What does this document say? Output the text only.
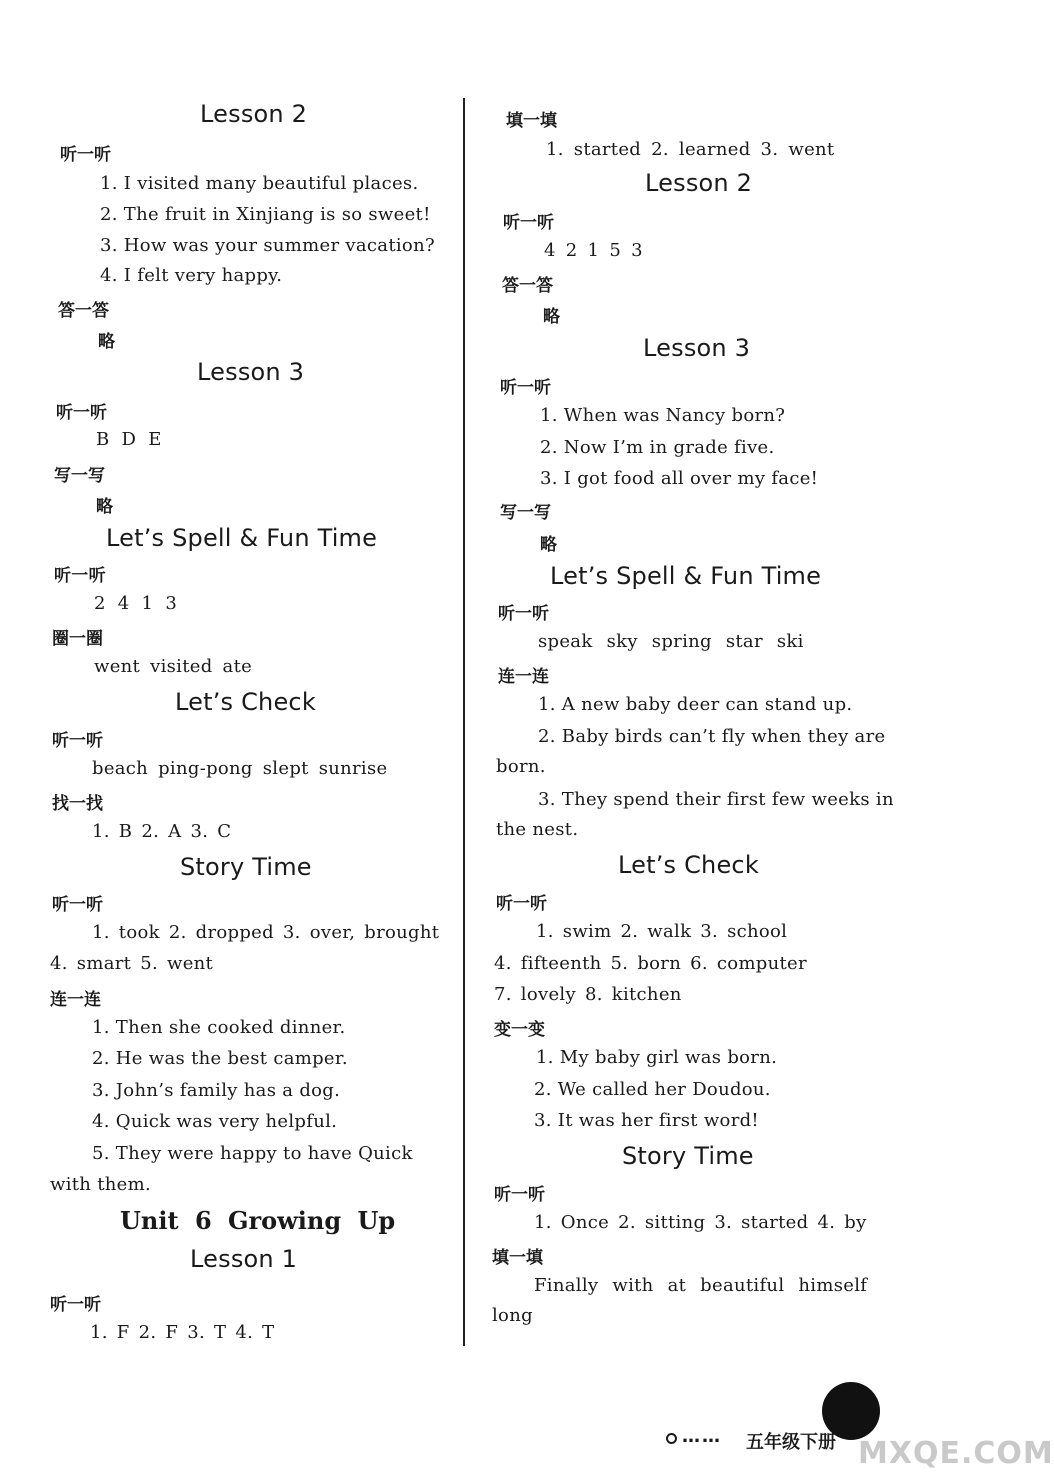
Lesson 2
听一听
1. I visited many beautiful places.
2. The fruit in Xinjiang is so sweet!
3. How was your summer vacation?
4. I felt very happy.
答一答
略
Lesson 3
听一听
B D E
写一写
略
Let’s Spell & Fun Time
听一听
2 4 1 3
圈一圈
went visited ate
Let’s Check
听一听
beach ping-pong slept sunrise
找一找
1. B 2. A 3. C
Story Time
听一听
1. took 2. dropped 3. over, brought
4. smart 5. went
连一连
1. Then she cooked dinner.
2. He was the best camper.
3. John’s family has a dog.
4. Quick was very helpful.
5. They were happy to have Quick
with them.
Unit 6 Growing Up
Lesson 1
听一听
1. F 2. F 3. T 4. T
填一填
1. started 2. learned 3. went
Lesson 2
听一听
4 2 1 5 3
答一答
略
Lesson 3
听一听
1. When was Nancy born?
2. Now I’m in grade five.
3. I got food all over my face!
写一写
略
Let’s Spell & Fun Time
听一听
speak sky spring star ski
连一连
1. A new baby deer can stand up.
2. Baby birds can’t fly when they are
born.
3. They spend their first few weeks in
the nest.
Let’s Check
听一听
1. swim 2. walk 3. school
4. fifteenth 5. born 6. computer
7. lovely 8. kitchen
变一变
1. My baby girl was born.
2. We called her Doudou.
3. It was her first word!
Story Time
听一听
1. Once 2. sitting 3. started 4. by
填一填
Finally with at beautiful himself
long
…… 五年级下册 MXQE.COM
